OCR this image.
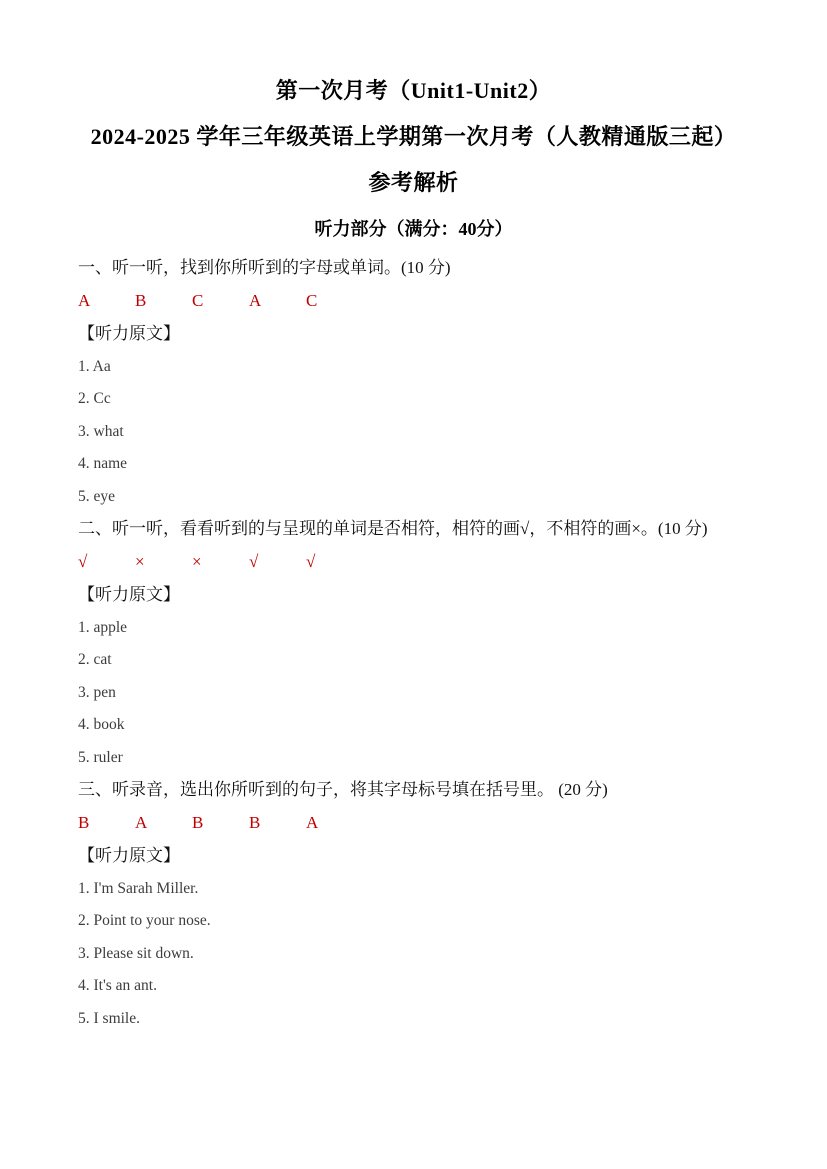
第一次月考（Unit1-Unit2）
2024-2025 学年三年级英语上学期第一次月考（人教精通版三起）
参考解析
听力部分（满分：40分）
一、听一听，找到你所听到的字母或单词。(10 分)
A	B	C	A	C
【听力原文】
1. Aa
2. Cc
3. what
4. name
5. eye
二、听一听，看看听到的与呈现的单词是否相符，相符的画√，不相符的画×。(10 分)
√	×	×	√	√
【听力原文】
1. apple
2. cat
3. pen
4. book
5. ruler
三、听录音，选出你所听到的句子，将其字母标号填在括号里。 (20 分)
B	A	B	B	A
【听力原文】
1. I'm Sarah Miller.
2. Point to your nose.
3. Please sit down.
4. It's an ant.
5. I smile.
